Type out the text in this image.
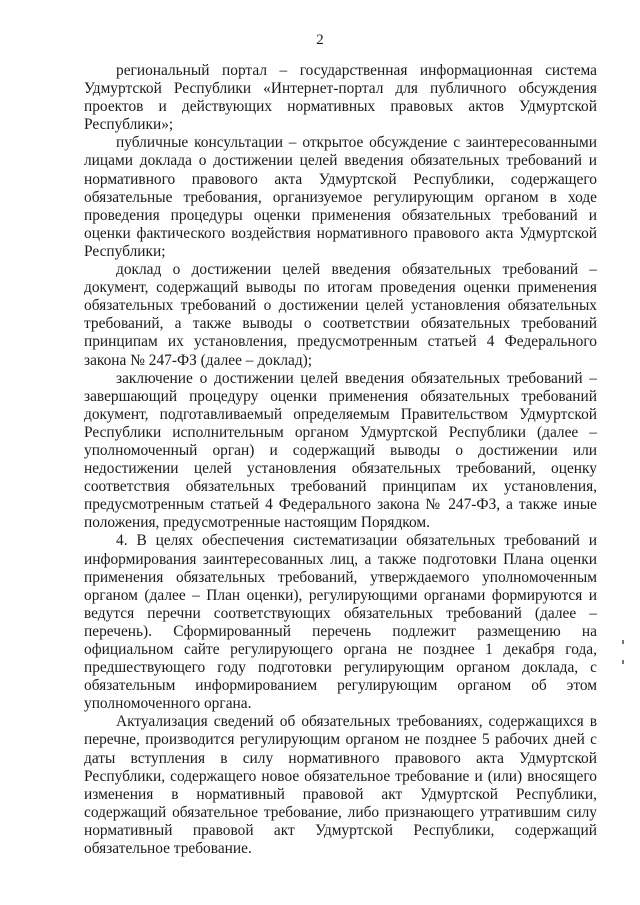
2

региональный портал – государственная информационная система Удмуртской Республики «Интернет-портал для публичного обсуждения проектов и действующих нормативных правовых актов Удмуртской Республики»;

публичные консультации – открытое обсуждение с заинтересованными лицами доклада о достижении целей введения обязательных требований и нормативного правового акта Удмуртской Республики, содержащего обязательные требования, организуемое регулирующим органом в ходе проведения процедуры оценки применения обязательных требований и оценки фактического воздействия нормативного правового акта Удмуртской Республики;

доклад о достижении целей введения обязательных требований – документ, содержащий выводы по итогам проведения оценки применения обязательных требований о достижении целей установления обязательных требований, а также выводы о соответствии обязательных требований принципам их установления, предусмотренным статьей 4 Федерального закона № 247-ФЗ (далее – доклад);

заключение о достижении целей введения обязательных требований – завершающий процедуру оценки применения обязательных требований документ, подготавливаемый определяемым Правительством Удмуртской Республики исполнительным органом Удмуртской Республики (далее – уполномоченный орган) и содержащий выводы о достижении или недостижении целей установления обязательных требований, оценку соответствия обязательных требований принципам их установления, предусмотренным статьей 4 Федерального закона № 247-ФЗ, а также иные положения, предусмотренные настоящим Порядком.

4. В целях обеспечения систематизации обязательных требований и информирования заинтересованных лиц, а также подготовки Плана оценки применения обязательных требований, утверждаемого уполномоченным органом (далее – План оценки), регулирующими органами формируются и ведутся перечни соответствующих обязательных требований (далее – перечень). Сформированный перечень подлежит размещению на официальном сайте регулирующего органа не позднее 1 декабря года, предшествующего году подготовки регулирующим органом доклада, с обязательным информированием регулирующим органом об этом уполномоченного органа.

Актуализация сведений об обязательных требованиях, содержащихся в перечне, производится регулирующим органом не позднее 5 рабочих дней с даты вступления в силу нормативного правового акта Удмуртской Республики, содержащего новое обязательное требование и (или) вносящего изменения в нормативный правовой акт Удмуртской Республики, содержащий обязательное требование, либо признающего утратившим силу нормативный правовой акт Удмуртской Республики, содержащий обязательное требование.
